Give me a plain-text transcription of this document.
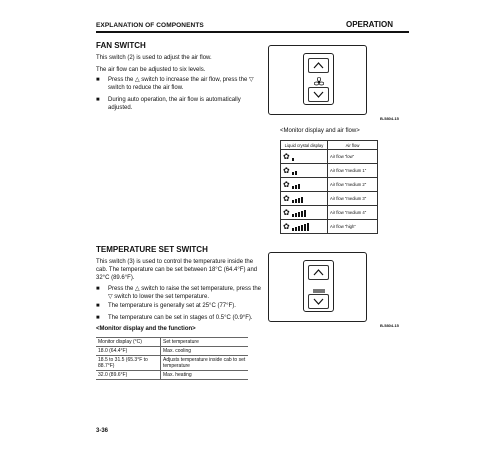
EXPLANATION OF COMPONENTS	OPERATION
FAN SWITCH

This switch (2) is used to adjust the air flow.

The air flow can be adjusted to six levels.

■ Press the △ switch to increase the air flow, press the ▽ switch to reduce the air flow.
■ During auto operation, the air flow is automatically adjusted.
B-5804-15
<Monitor display and air flow>
Liquid crystal display	Air flow
✿	Air flow "low"
✿	Air flow "medium 1"
✿	Air flow "medium 2"
✿	Air flow "medium 3"
✿	Air flow "medium 4"
✿	Air flow "high"
TEMPERATURE SET SWITCH

This switch (3) is used to control the temperature inside the cab. The temperature can be set between 18°C (64.4°F) and 32°C (89.6°F).

■ Press the △ switch to raise the set temperature, press the ▽ switch to lower the set temperature.
■ The temperature is generally set at 25°C (77°F).
■ The temperature can be set in stages of 0.5°C (0.9°F).
B-5804-15
<Monitor display and the function>
Monitor display (°C)	Set temperature
18.0 (64.4°F)	Max. cooling
18.5 to 31.5 (65.3°F to 88.7°F)	Adjusts temperature inside cab to set temperature
32.0 (89.6°F)	Max. heating
3-36
